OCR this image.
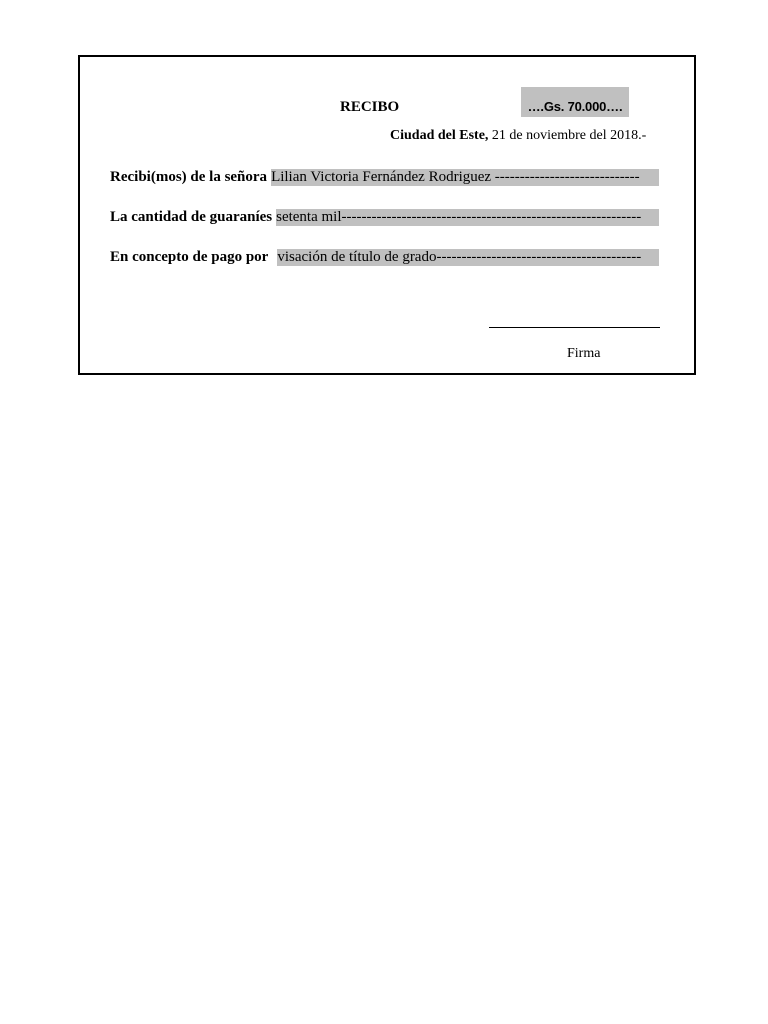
RECIBO	….Gs. 70.000….
Ciudad del Este, 21 de noviembre del 2018.-
Recibi(mos) de la señora Lilian Victoria Fernández Rodriguez -----------------------------
La cantidad de guaraníes setenta mil------------------------------------------------------------
En concepto de pago por visación de título de grado-----------------------------------------
Firma
